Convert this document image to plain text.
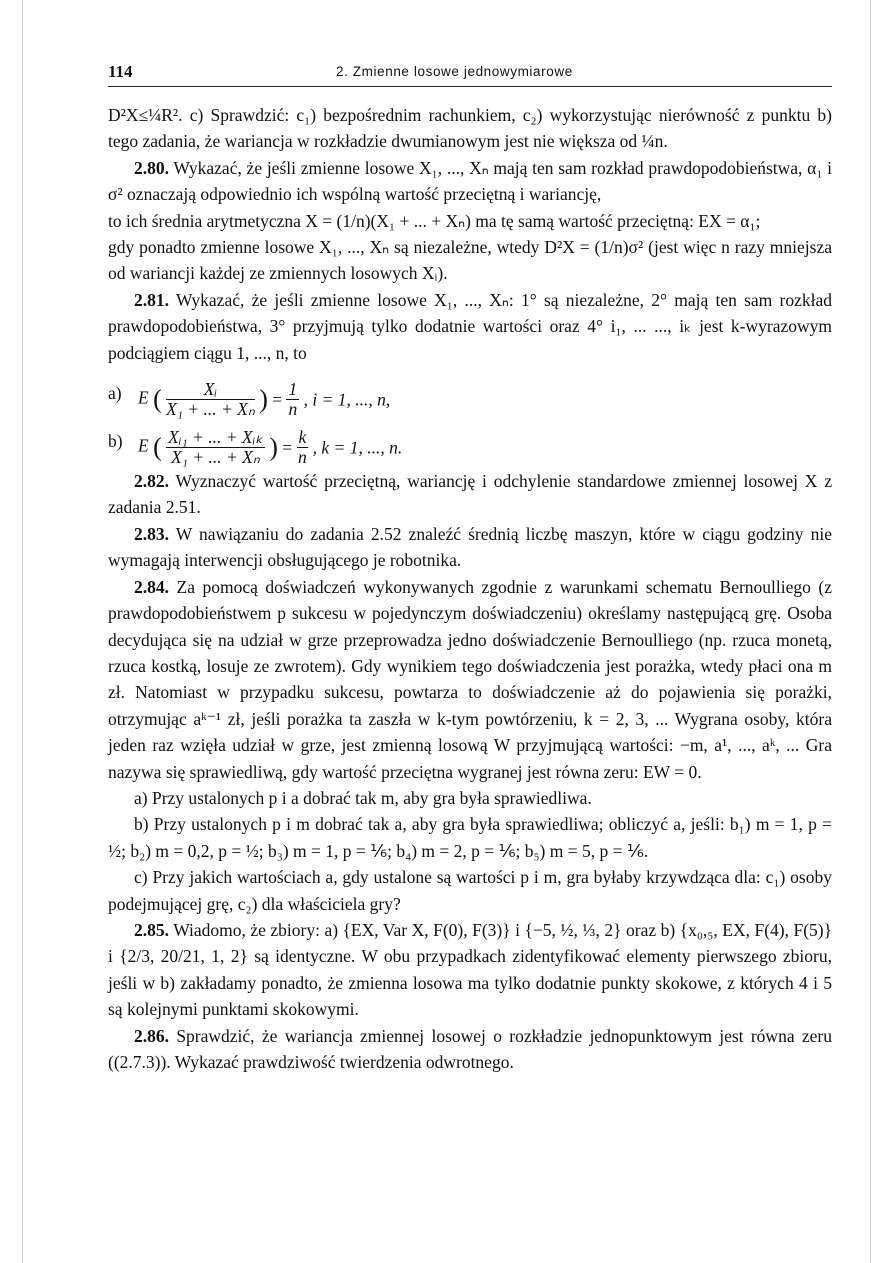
114	2. Zmienne losowe jednowymiarowe

D²X≤¼R². c) Sprawdzić: c₁) bezpośrednim rachunkiem, c₂) wykorzystując nierówność z punktu b) tego zadania, że wariancja w rozkładzie dwumianowym jest nie większa od ¼n.

2.80. Wykazać, że jeśli zmienne losowe X₁, ..., Xₙ mają ten sam rozkład prawdopodobieństwa, α₁ i σ² oznaczają odpowiednio ich wspólną wartość przeciętną i wariancję,

to ich średnia arytmetyczna X = (1/n)(X₁ + ... + Xₙ) ma tę samą wartość przeciętną: EX = α₁;

gdy ponadto zmienne losowe X₁, ..., Xₙ są niezależne, wtedy D²X = (1/n)σ² (jest więc n razy mniejsza od wariancji każdej ze zmiennych losowych Xᵢ).

2.81. Wykazać, że jeśli zmienne losowe X₁, ..., Xₙ: 1° są niezależne, 2° mają ten sam rozkład prawdopodobieństwa, 3° przyjmują tylko dodatnie wartości oraz 4° i₁, ... ..., iₖ jest k-wyrazowym podciągiem ciągu 1, ..., n, to

a) E ( $\frac{\text{Xᵢ}}{\text{X₁ + ... + Xₙ}}$ ) = $\frac{1}{n}$ , i = 1, ..., n,
b) E ( $\frac{\text{Xᵢ₁ + ... + Xᵢₖ}}{\text{X₁ + ... + Xₙ}}$ ) = $\frac{k}{n}$ , k = 1, ..., n.

2.82. Wyznaczyć wartość przeciętną, wariancję i odchylenie standardowe zmiennej losowej X z zadania 2.51.

2.83. W nawiązaniu do zadania 2.52 znaleźć średnią liczbę maszyn, które w ciągu godziny nie wymagają interwencji obsługującego je robotnika.

2.84. Za pomocą doświadczeń wykonywanych zgodnie z warunkami schematu Bernoulliego (z prawdopodobieństwem p sukcesu w pojedynczym doświadczeniu) określamy następującą grę. Osoba decydująca się na udział w grze przeprowadza jedno doświadczenie Bernoulliego (np. rzuca monetą, rzuca kostką, losuje ze zwrotem). Gdy wynikiem tego doświadczenia jest porażka, wtedy płaci ona m zł. Natomiast w przypadku sukcesu, powtarza to doświadczenie aż do pojawienia się porażki, otrzymując aᵏ⁻¹ zł, jeśli porażka ta zaszła w k-tym powtórzeniu, k = 2, 3, ... Wygrana osoby, która jeden raz wzięła udział w grze, jest zmienną losową W przyjmującą wartości: −m, a¹, ..., aᵏ, ... Gra nazywa się sprawiedliwą, gdy wartość przeciętna wygranej jest równa zeru: EW = 0.

a) Przy ustalonych p i a dobrać tak m, aby gra była sprawiedliwa.

b) Przy ustalonych p i m dobrać tak a, aby gra była sprawiedliwa; obliczyć a, jeśli: b₁) m = 1, p = ½; b₂) m = 0,2, p = ½; b₃) m = 1, p = ⅙; b₄) m = 2, p = ⅙; b₅) m = 5, p = ⅙.

c) Przy jakich wartościach a, gdy ustalone są wartości p i m, gra byłaby krzywdząca dla: c₁) osoby podejmującej grę, c₂) dla właściciela gry?

2.85. Wiadomo, że zbiory: a) {EX, Var X, F(0), F(3)} i {−5, ½, ⅓, 2} oraz b) {x₀,₅, EX, F(4), F(5)} i {2/3, 20/21, 1, 2} są identyczne. W obu przypadkach zidentyfikować elementy pierwszego zbioru, jeśli w b) zakładamy ponadto, że zmienna losowa ma tylko dodatnie punkty skokowe, z których 4 i 5 są kolejnymi punktami skokowymi.

2.86. Sprawdzić, że wariancja zmiennej losowej o rozkładzie jednopunktowym jest równa zeru ((2.7.3)). Wykazać prawdziwość twierdzenia odwrotnego.
